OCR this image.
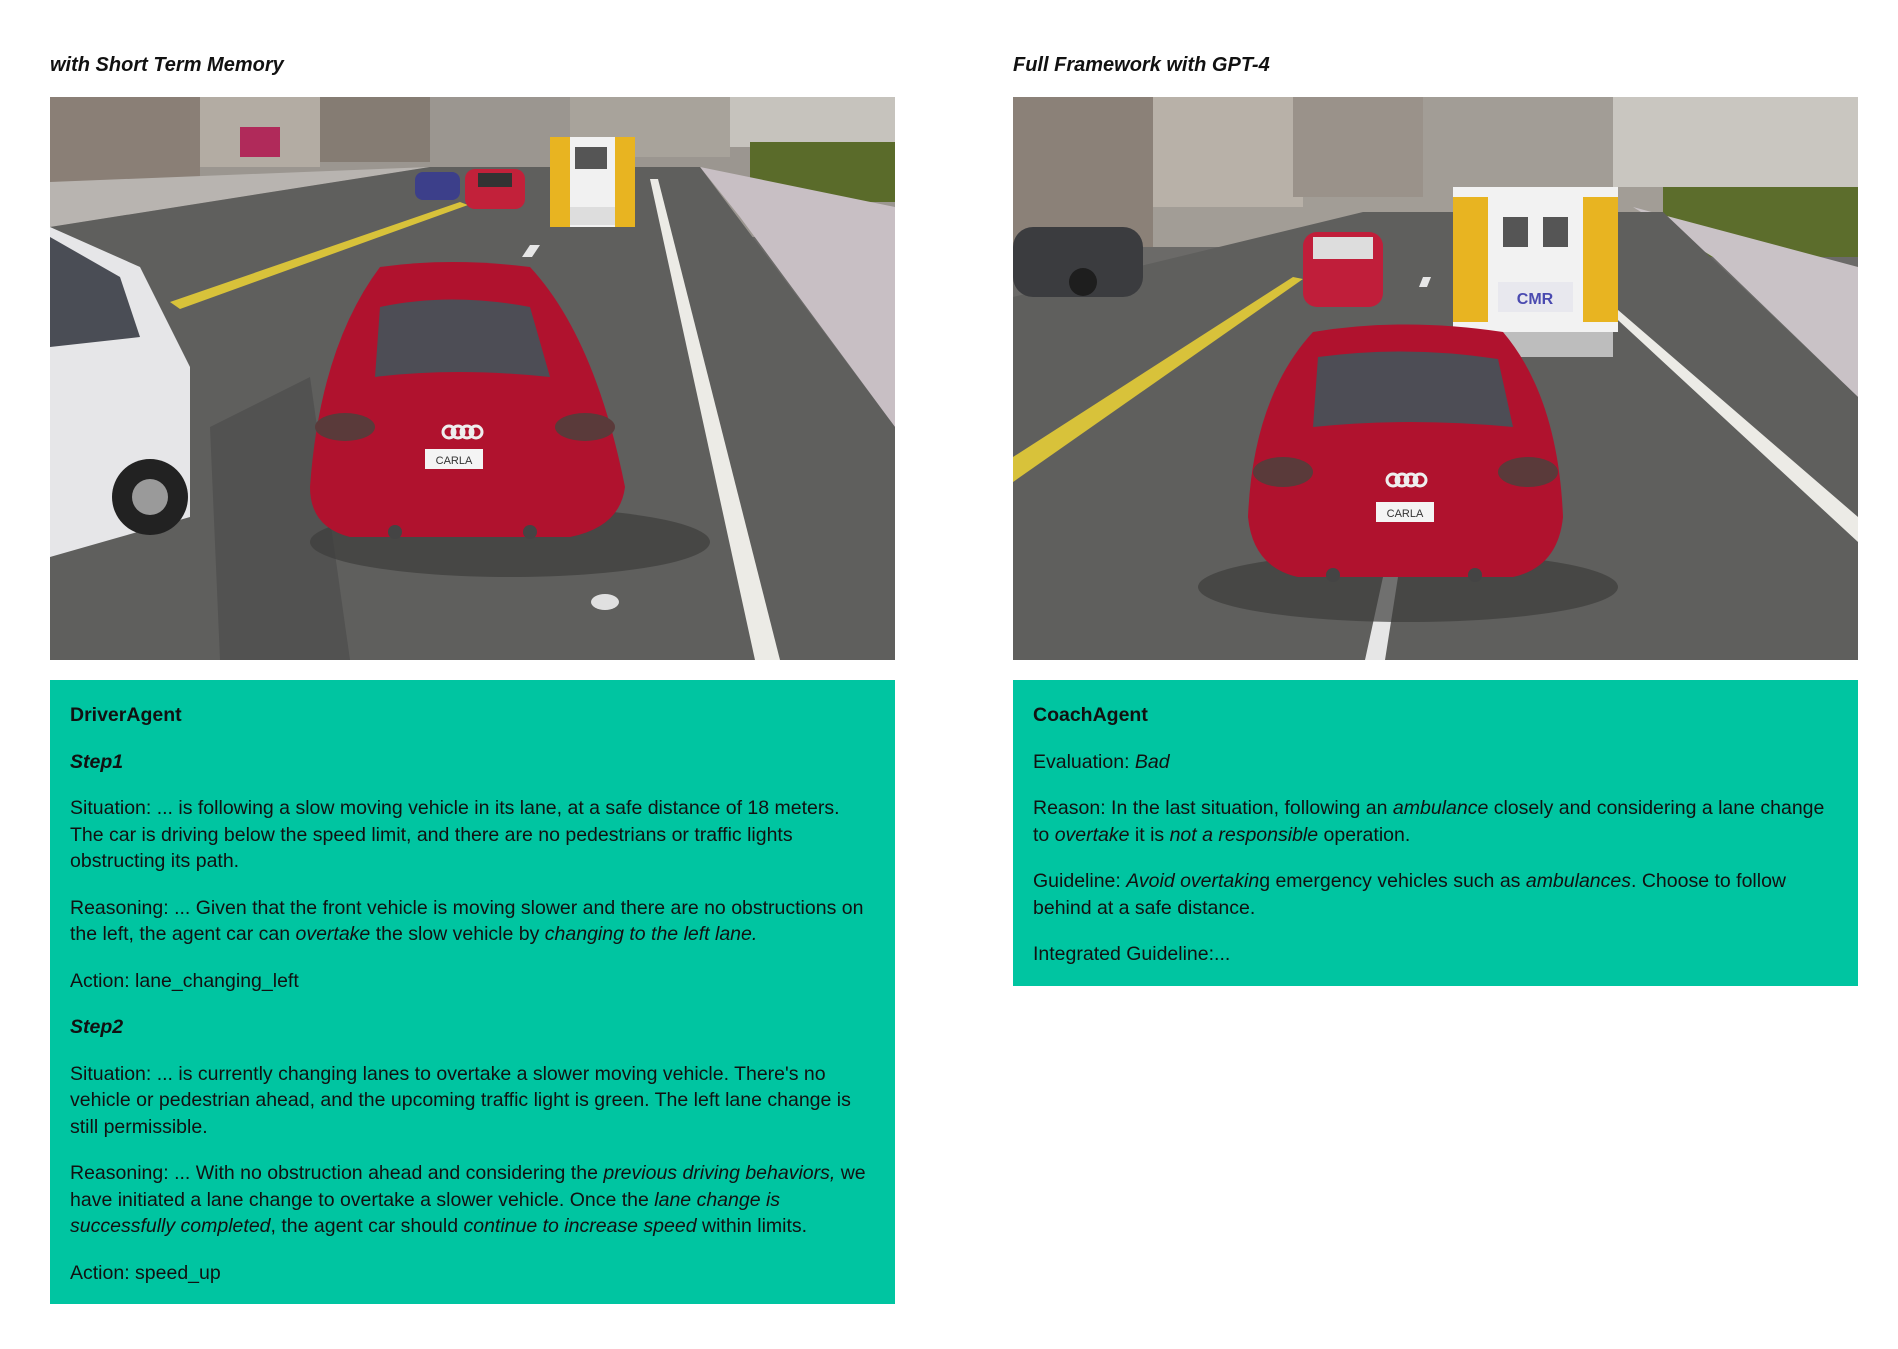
with Short Term Memory
CARLA

DriverAgent

Step1

Situation: ... is following a slow moving vehicle in its lane, at a safe distance of 18 meters. The car is driving below the speed limit, and there are no pedestrians or traffic lights obstructing its path.

Reasoning: ... Given that the front vehicle is moving slower and there are no obstructions on the left, the agent car can overtake the slow vehicle by changing to the left lane.

Action: lane_changing_left

Step2

Situation: ... is currently changing lanes to overtake a slower moving vehicle. There's no vehicle or pedestrian ahead, and the upcoming traffic light is green. The left lane change is still permissible.

Reasoning: ... With no obstruction ahead and considering the previous driving behaviors, we have initiated a lane change to overtake a slower vehicle. Once the lane change is successfully completed, the agent car should continue to increase speed within limits.

Action: speed_up

Full Framework with GPT-4
CMR
CARLA

CoachAgent

Evaluation: Bad

Reason: In the last situation, following an ambulance closely and considering a lane change to overtake it is not a responsible operation.

Guideline: Avoid overtaking emergency vehicles such as ambulances. Choose to follow behind at a safe distance.

Integrated Guideline:...
